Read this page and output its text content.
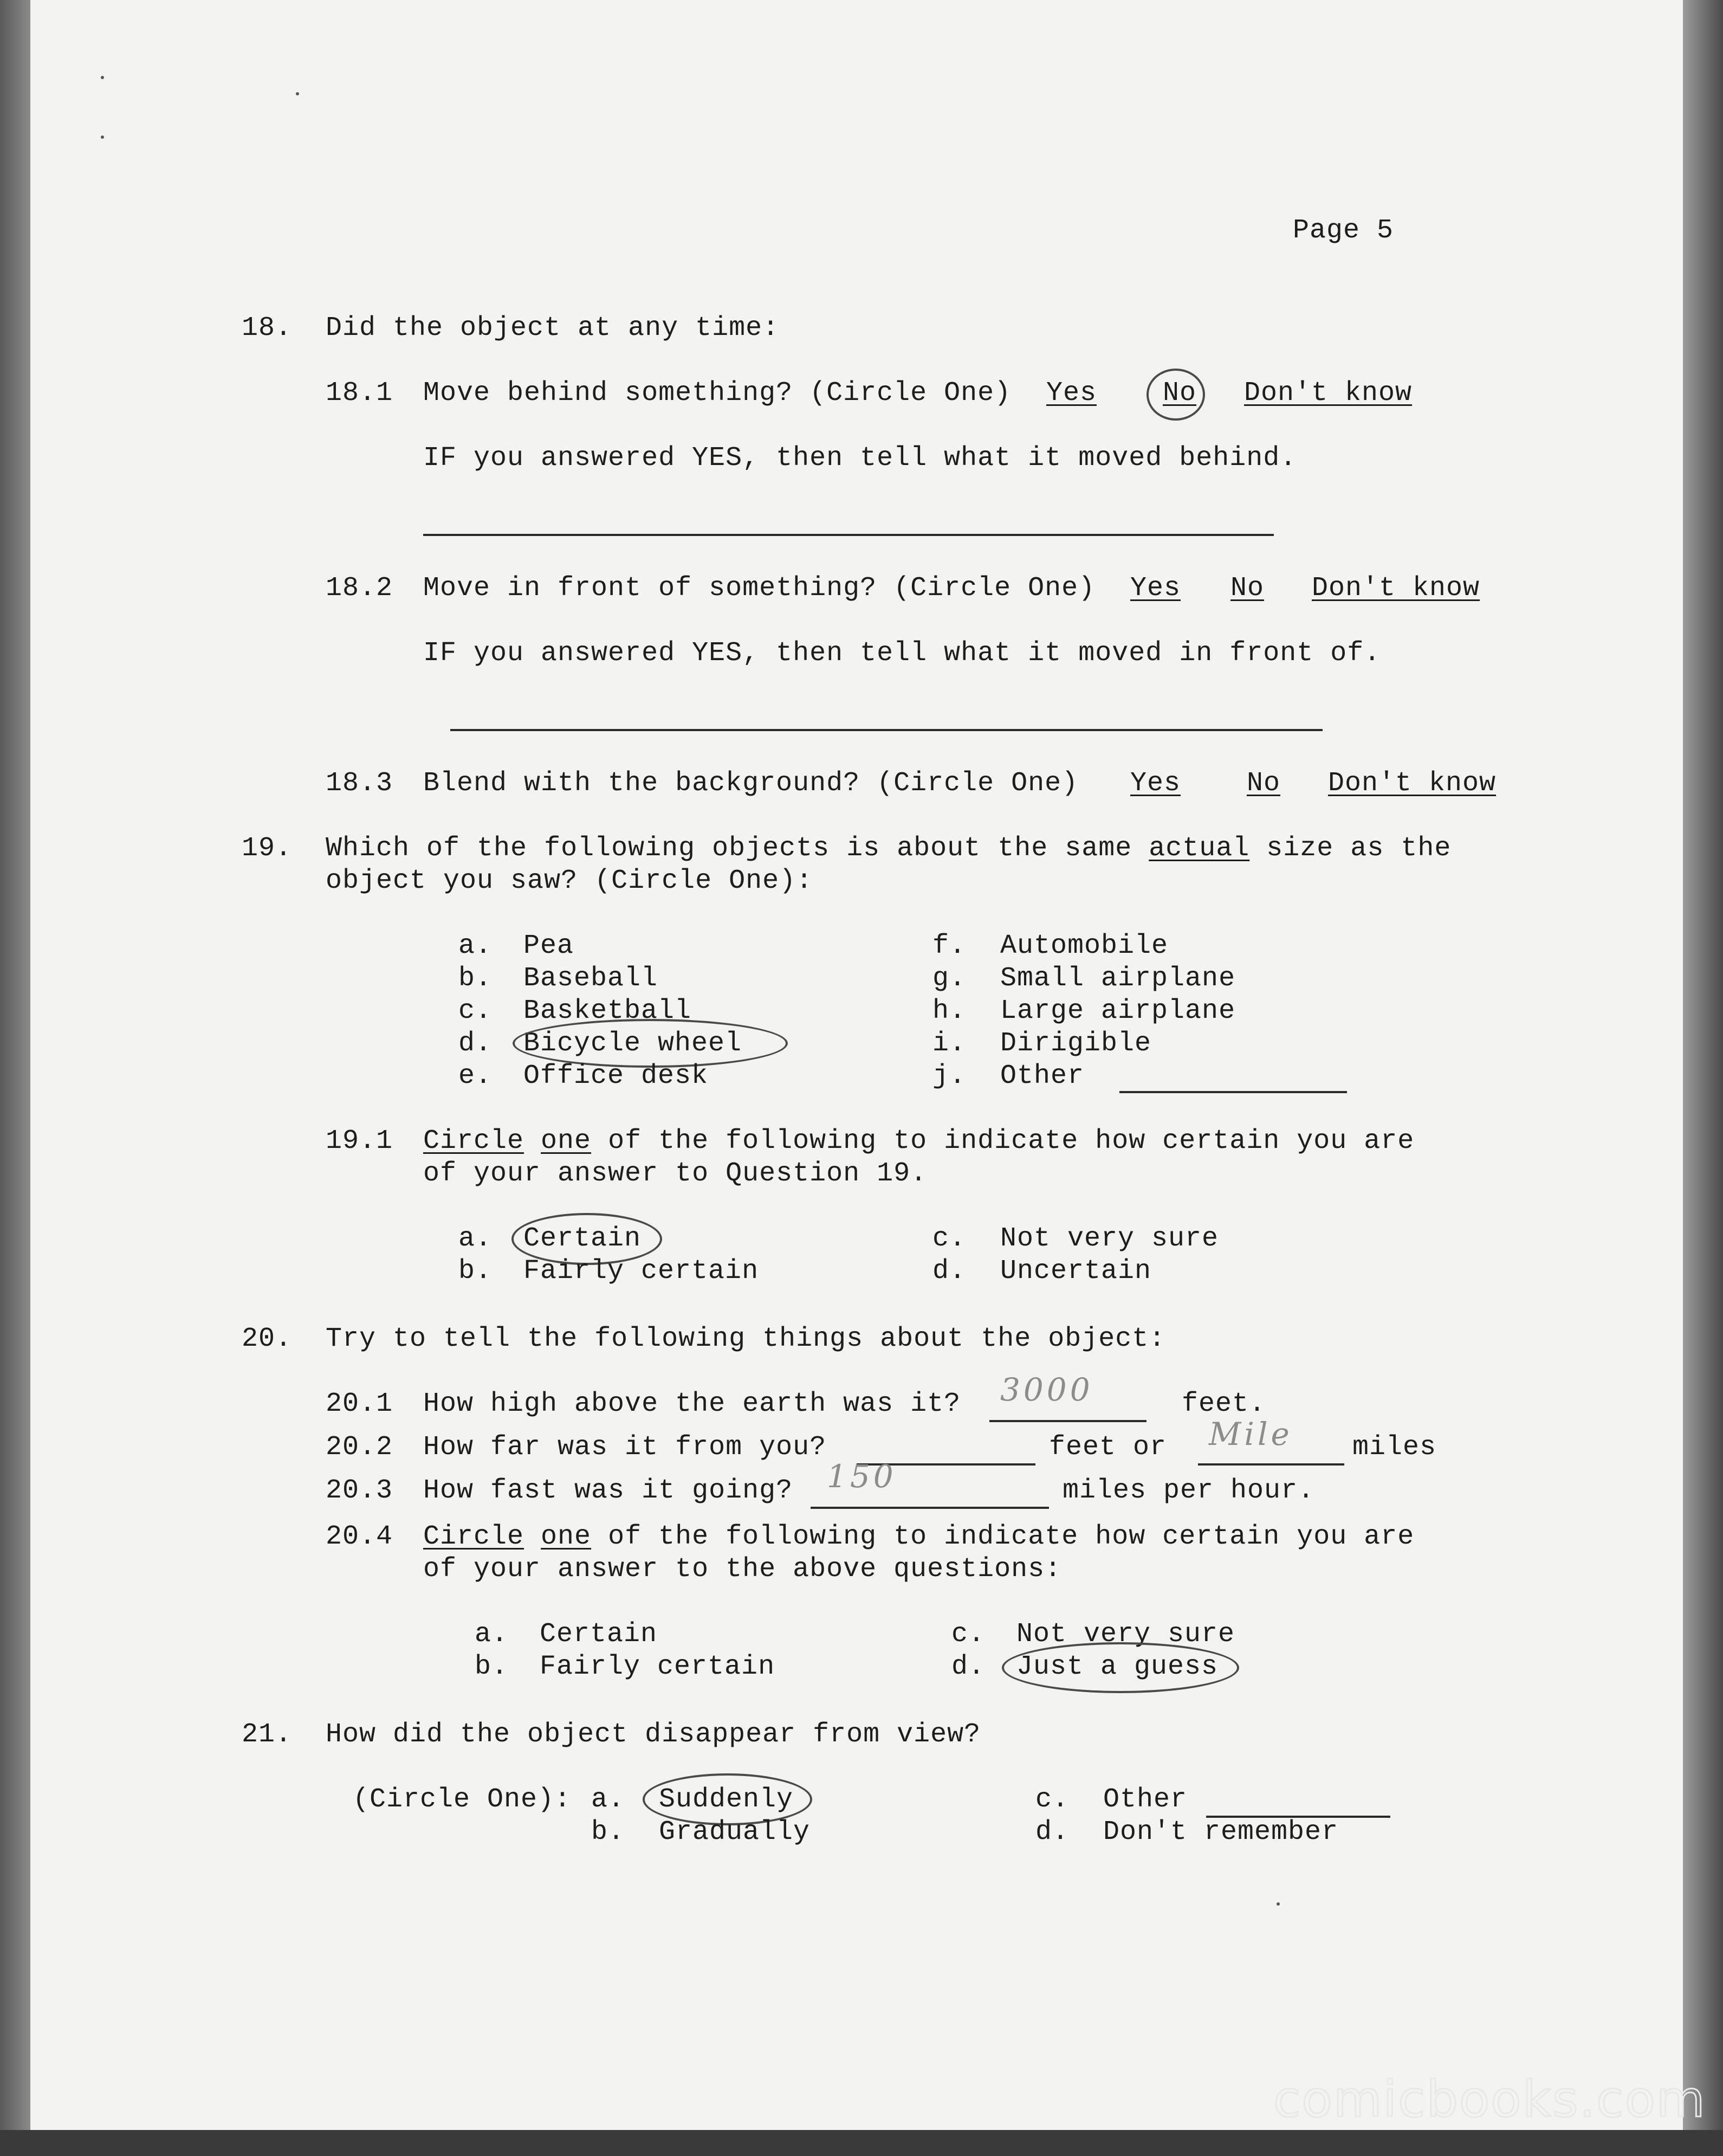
Page 5
18. Did the object at any time:
18.1 Move behind something? (Circle One) Yes No Don't know
IF you answered YES, then tell what it moved behind.
18.2 Move in front of something? (Circle One) Yes No Don't know
IF you answered YES, then tell what it moved in front of.
18.3 Blend with the background? (Circle One) Yes No Don't know
19. Which of the following objects is about the same actual size as the
object you saw? (Circle One):
a. Pea
b. Baseball
c. Basketball
d. Bicycle wheel
e. Office desk
f. Automobile
g. Small airplane
h. Large airplane
i. Dirigible
j. Other
19.1 Circle one of the following to indicate how certain you are
of your answer to Question 19.
a. Certain
b. Fairly certain
c. Not very sure
d. Uncertain
20. Try to tell the following things about the object:
20.1 How high above the earth was it? 3000	feet.
20.2 How far was it from you?	feet or Mile miles
20.3 How fast was it going? 150	miles per hour.
20.4 Circle one of the following to indicate how certain you are
of your answer to the above questions:
a. Certain
b. Fairly certain
c. Not very sure
d. Just a guess
21. How did the object disappear from view?
(Circle One): a. Suddenly
b. Gradually
c. Other
d. Don't remember
comicbooks.com
